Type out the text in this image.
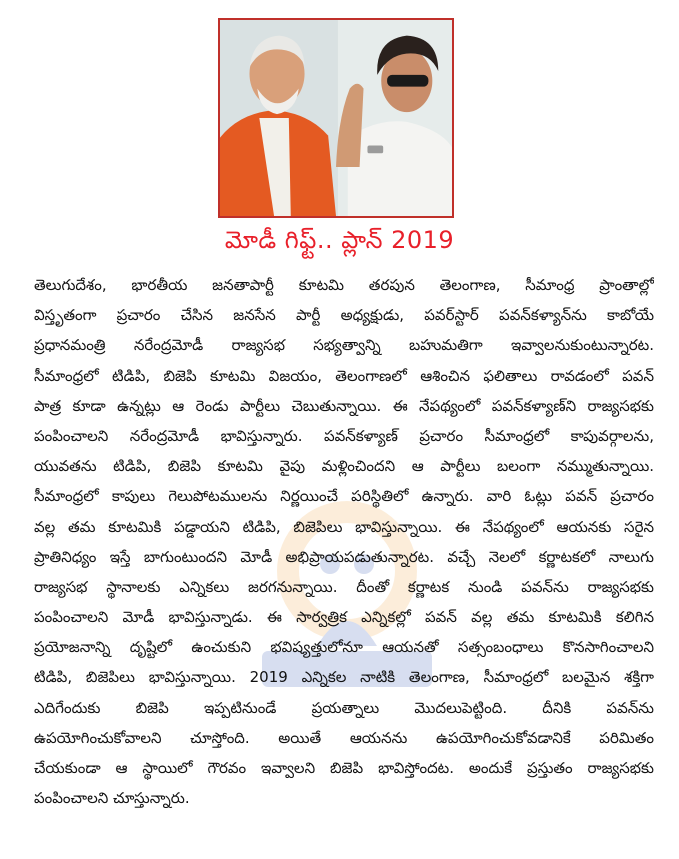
మోడీ గిఫ్ట్.. ప్లాన్ 2019
తెలుగుదేశం, భారతీయ జనతాపార్టీ కూటమి తరపున తెలంగాణ, సీమాంధ్ర ప్రాంతాల్లో
విస్తృతంగా ప్రచారం చేసిన జనసేన పార్టీ అధ్యక్షుడు, పవర్‌స్టార్ పవన్‌కళ్యాన్‌ను కాబోయే
ప్రధానమంత్రి నరేంద్రమోడీ రాజ్యసభ సభ్యత్వాన్ని బహుమతిగా ఇవ్వాలనుకుంటున్నారట.
సీమాంధ్రలో టిడిపి, బిజెపి కూటమి విజయం, తెలంగాణలో ఆశించిన ఫలితాలు రావడంలో పవన్
పాత్ర కూడా ఉన్నట్లు ఆ రెండు పార్టీలు చెబుతున్నాయి. ఈ నేపథ్యంలో పవన్‌కళ్యాణ్‌ని రాజ్యసభకు
పంపించాలని నరేంద్రమోడీ భావిస్తున్నారు. పవన్‌కళ్యాణ్ ప్రచారం సీమాంధ్రలో కాపువర్గాలను,
యువతను టిడిపి, బిజెపి కూటమి వైపు మళ్లించిందని ఆ పార్టీలు బలంగా నమ్ముతున్నాయి.
సీమాంధ్రలో కాపులు గెలుపోటములను నిర్ణయించే పరిస్థితిలో ఉన్నారు. వారి ఓట్లు పవన్ ప్రచారం
వల్ల తమ కూటమికి పడ్డాయని టిడిపి, బిజెపిలు భావిస్తున్నాయి. ఈ నేపథ్యంలో ఆయనకు సరైన
ప్రాతినిధ్యం ఇస్తే బాగుంటుందని మోడీ అభిప్రాయపడుతున్నారట. వచ్చే నెలలో కర్ణాటకలో నాలుగు
రాజ్యసభ స్థానాలకు ఎన్నికలు జరగనున్నాయి. దీంతో కర్ణాటక నుండి పవన్‌ను రాజ్యసభకు
పంపించాలని మోడీ భావిస్తున్నాడు. ఈ సార్వత్రిక ఎన్నికల్లో పవన్ వల్ల తమ కూటమికి కలిగిన
ప్రయోజనాన్ని దృష్టిలో ఉంచుకుని భవిష్యత్తులోనూ ఆయనతో సత్సంబంధాలు కొనసాగించాలని
టిడిపి, బిజెపిలు భావిస్తున్నాయి. 2019 ఎన్నికల నాటికి తెలంగాణ, సీమాంధ్రలో బలమైన శక్తిగా
ఎదిగేందుకు బిజెపి ఇప్పటినుండే ప్రయత్నాలు మొదలుపెట్టింది. దీనికి పవన్‌ను
ఉపయోగించుకోవాలని చూస్తోంది. అయితే ఆయనను ఉపయోగించుకోవడానికే పరిమితం
చేయకుండా ఆ స్థాయిలో గౌరవం ఇవ్వాలని బిజెపి భావిస్తోందట. అందుకే ప్రస్తుతం రాజ్యసభకు
పంపించాలని చూస్తున్నారు.
